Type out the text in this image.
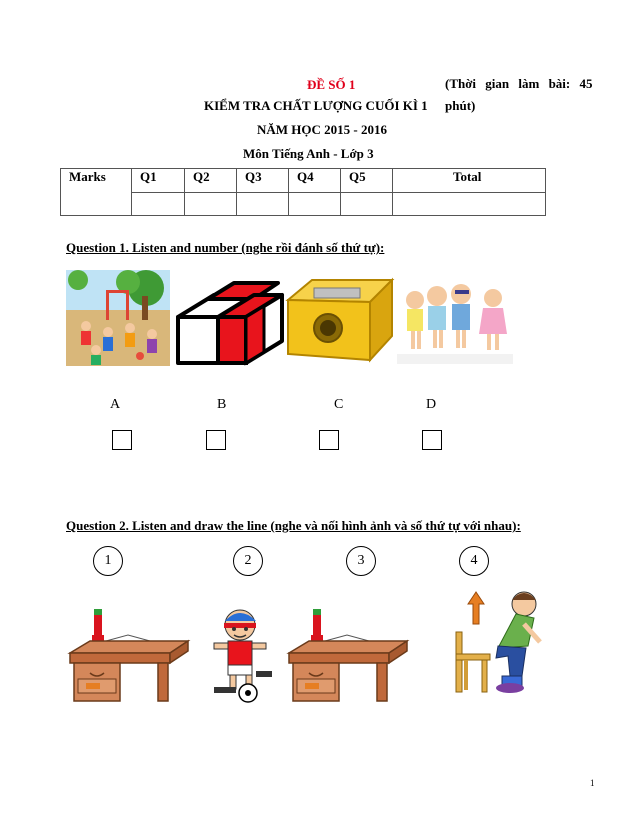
ĐỀ SỐ 1	(Thời gian làm bài: 45
phút)
KIỂM TRA CHẤT LƯỢNG CUỐI KÌ 1
NĂM HỌC 2015 - 2016
Môn Tiếng Anh - Lớp 3
Marks	Q1	Q2	Q3	Q4	Q5	Total

Question 1. Listen and number (nghe rồi đánh số thứ tự):
A	B	C	D
Question 2. Listen and draw the line (nghe và nối hình ảnh và số thứ tự với nhau):
1	2	3	4
1
